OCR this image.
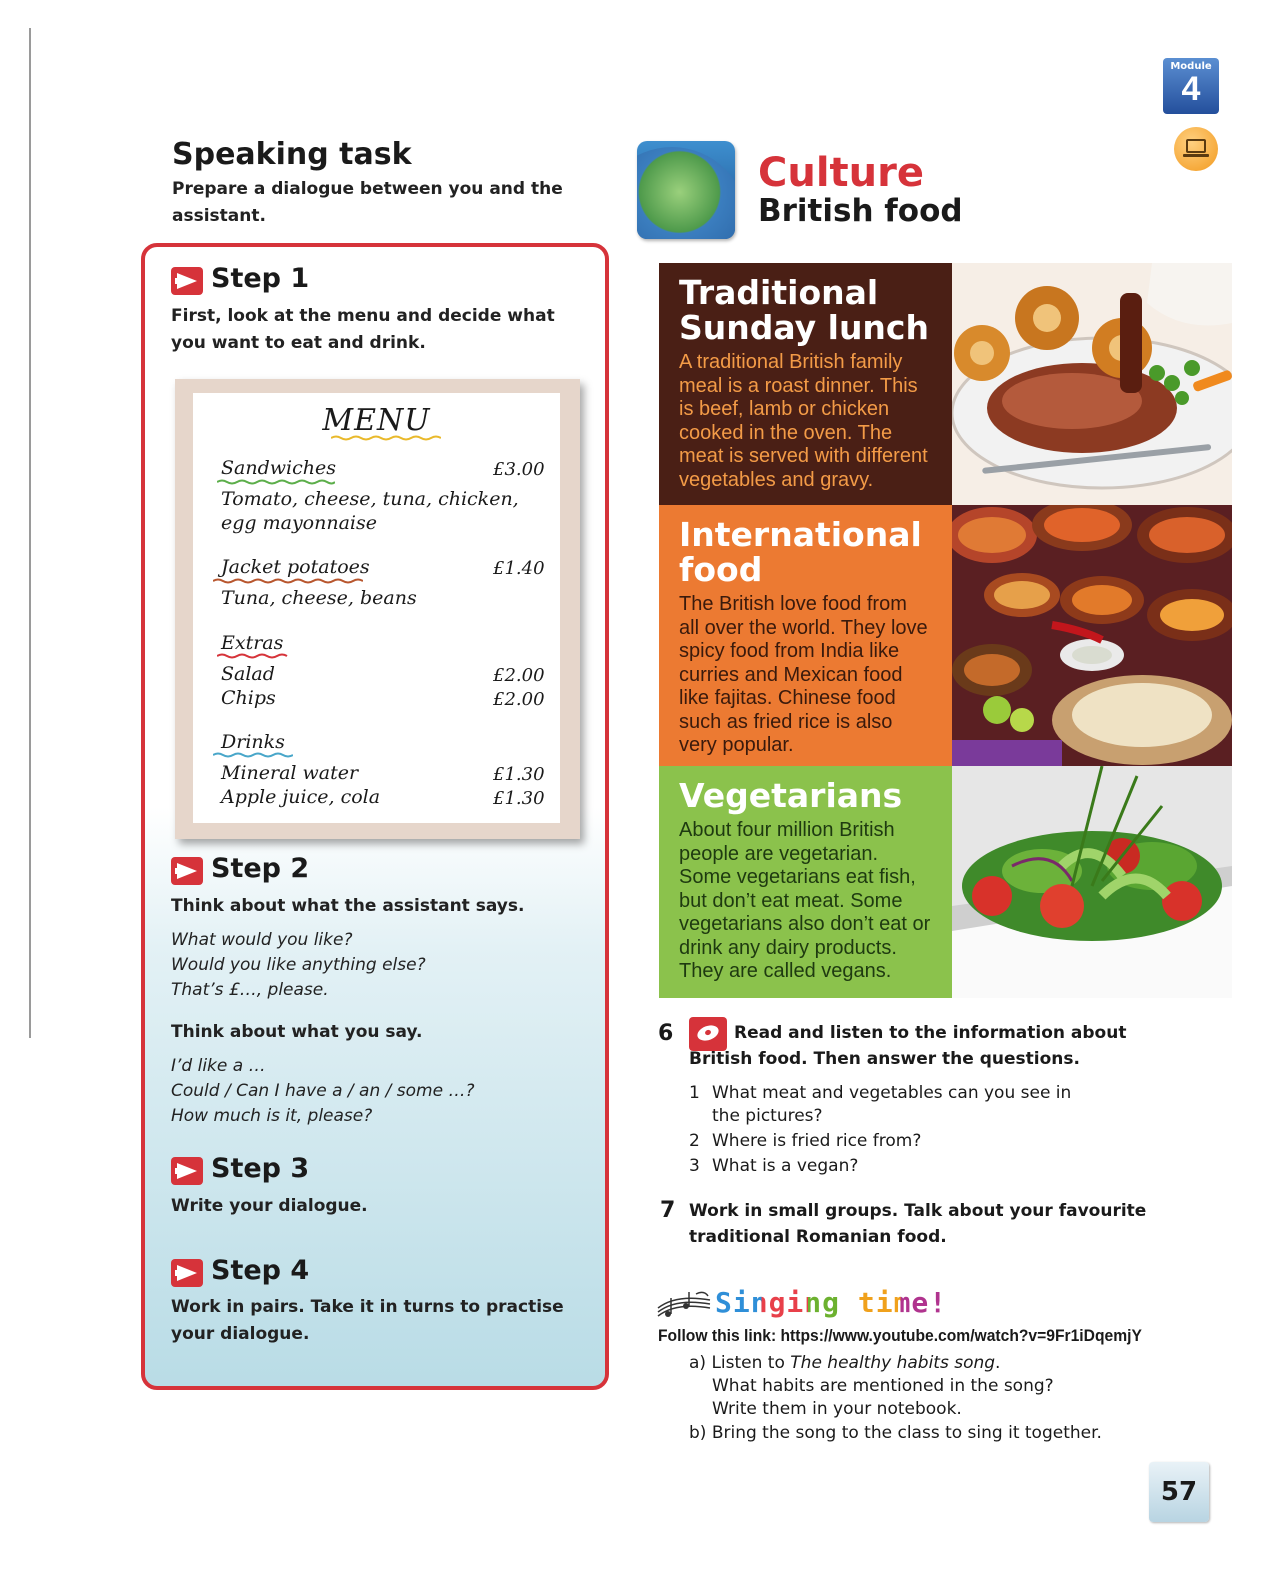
Module
4
Speaking task
Prepare a dialogue between you and the assistant.
Step 1
First, look at the menu and decide what you want to eat and drink.
MENU
Sandwiches	£3.00
Tomato, cheese, tuna, chicken,
egg mayonnaise
Jacket potatoes	£1.40
Tuna, cheese, beans
Extras
Salad	£2.00
Chips	£2.00
Drinks
Mineral water	£1.30
Apple juice, cola	£1.30
Step 2
Think about what the assistant says.
What would you like?
Would you like anything else?
That’s £…, please.
Think about what you say.
I’d like a …
Could / Can I have a / an / some …?
How much is it, please?
Step 3
Write your dialogue.
Step 4
Work in pairs. Take it in turns to practise your dialogue.
Culture
British food
Traditional Sunday lunch
A traditional British family meal is a roast dinner. This is beef, lamb or chicken cooked in the oven. The meat is served with different vegetables and gravy.
International food
The British love food from all over the world. They love spicy food from India like curries and Mexican food like fajitas. Chinese food such as fried rice is also very popular.
Vegetarians
About four million British people are vegetarian. Some vegetarians eat fish, but don’t eat meat. Some vegetarians also don’t eat or drink any dairy products. They are called vegans.
6	Read and listen to the information about
British food. Then answer the questions.
1 What meat and vegetables can you see in
the pictures?
2 Where is fried rice from?
3 What is a vegan?
7 Work in small groups. Talk about your favourite
traditional Romanian food.
Singing time!
Follow this link: https://www.youtube.com/watch?v=9Fr1iDqemjY
a) Listen to The healthy habits song.
What habits are mentioned in the song?
Write them in your notebook.
b) Bring the song to the class to sing it together.
57
